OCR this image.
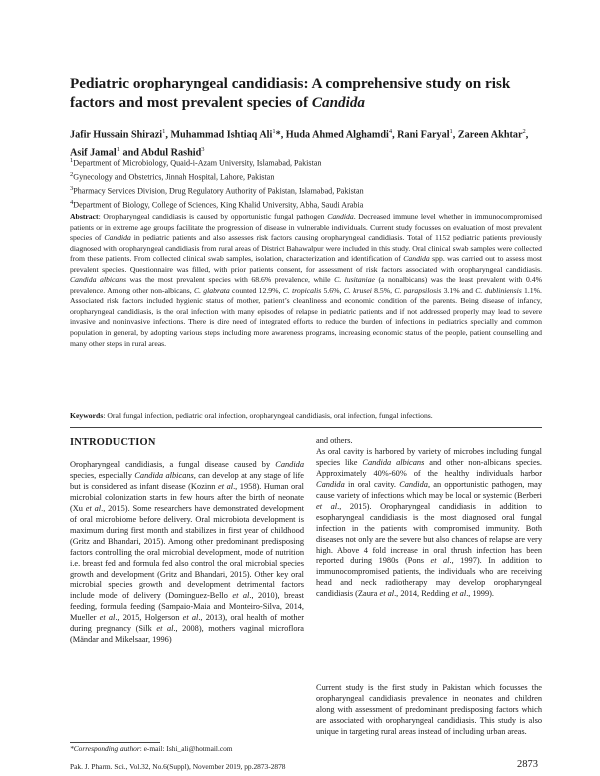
Pediatric oropharyngeal candidiasis: A comprehensive study on risk factors and most prevalent species of Candida
Jafir Hussain Shirazi$^1$, Muhammad Ishtiaq Ali$^1$*, Huda Ahmed Alghamdi$^4$, Rani Faryal$^1$, Zareen Akhtar$^2$, Asif Jamal$^1$ and Abdul Rashid$^3$
$^1$Department of Microbiology, Quaid-i-Azam University, Islamabad, Pakistan
$^2$Gynecology and Obstetrics, Jinnah Hospital, Lahore, Pakistan
$^3$Pharmacy Services Division, Drug Regulatory Authority of Pakistan, Islamabad, Pakistan
$^4$Department of Biology, College of Sciences, King Khalid University, Abha, Saudi Arabia

Abstract: Oropharyngeal candidiasis is caused by opportunistic fungal pathogen Candida. Decreased immune level whether in immunocompromised patients or in extreme age groups facilitate the progression of disease in vulnerable individuals. Current study focusses on evaluation of most prevalent species of Candida in pediatric patients and also assesses risk factors causing oropharyngeal candidiasis. Total of 1152 pediatric patients previously diagnosed with oropharyngeal candidiasis from rural areas of District Bahawalpur were included in this study. Oral clinical swab samples were collected from these patients. From collected clinical swab samples, isolation, characterization and identification of Candida spp. was carried out to assess most prevalent species. Questionnaire was filled, with prior patients consent, for assessment of risk factors associated with oropharyngeal candidiasis. Candida albicans was the most prevalent species with 68.6% prevalence, while C. lusitaniae (a nonalbicans) was the least prevalent with 0.4% prevalence. Among other non-albicans, C. glabrata counted 12.9%, C. tropicalis 5.6%, C. krusei 8.5%, C. parapsilosis 3.1% and C. dubliniensis 1.1%. Associated risk factors included hygienic status of mother, patient’s cleanliness and economic condition of the parents. Being disease of infancy, oropharyngeal candidiasis, is the oral infection with many episodes of relapse in pediatric patients and if not addressed properly may lead to severe invasive and noninvasive infections. There is dire need of integrated efforts to reduce the burden of infections in pediatrics specially and common population in general, by adopting various steps including more awareness programs, increasing economic status of the people, patient counselling and many other steps in rural areas.

Keywords: Oral fungal infection, pediatric oral infection, oropharyngeal candidiasis, oral infection, fungal infections.

INTRODUCTION

Oropharyngeal candidiasis, a fungal disease caused by Candida species, especially Candida albicans, can develop at any stage of life but is considered as infant disease (Kozinn et al., 1958). Human oral microbial colonization starts in few hours after the birth of neonate (Xu et al., 2015). Some researchers have demonstrated development of oral microbiome before delivery. Oral microbiota development is maximum during first month and stabilizes in first year of childhood (Gritz and Bhandari, 2015). Among other predominant predisposing factors controlling the oral microbial development, mode of nutrition i.e. breast fed and formula fed also control the oral microbial species growth and development (Gritz and Bhandari, 2015). Other key oral microbial species growth and development detrimental factors include mode of delivery (Dominguez-Bello et al., 2010), breast feeding, formula feeding (Sampaio-Maia and Monteiro-Silva, 2014, Mueller et al., 2015, Holgerson et al., 2013), oral health of mother during pregnancy (Silk et al., 2008), mothers vaginal microflora (Mändar and Mikelsaar, 1996)

and others.
As oral cavity is harbored by variety of microbes including fungal species like Candida albicans and other non-albicans species. Approximately 40%-60% of the healthy individuals harbor Candida in oral cavity. Candida, an opportunistic pathogen, may cause variety of infections which may be local or systemic (Berberi et al., 2015). Oropharyngeal candidiasis in addition to esopharyngeal candidiasis is the most diagnosed oral fungal infection in the patients with compromised immunity. Both diseases not only are the severe but also chances of relapse are very high. Above 4 fold increase in oral thrush infection has been reported during 1980s (Pons et al., 1997). In addition to immunocompromised patients, the individuals who are receiving head and neck radiotherapy may develop oropharyngeal candidiasis (Zaura et al., 2014, Redding et al., 1999).

Current study is the first study in Pakistan which focusses the oropharyngeal candidiasis prevalence in neonates and children along with assessment of predominant predisposing factors which are associated with oropharyngeal candidiasis. This study is also unique in targeting rural areas instead of including urban areas.

*Corresponding author: e-mail: Ishi_ali@hotmail.com

Pak. J. Pharm. Sci., Vol.32, No.6(Suppl), November 2019, pp.2873-2878	2873
